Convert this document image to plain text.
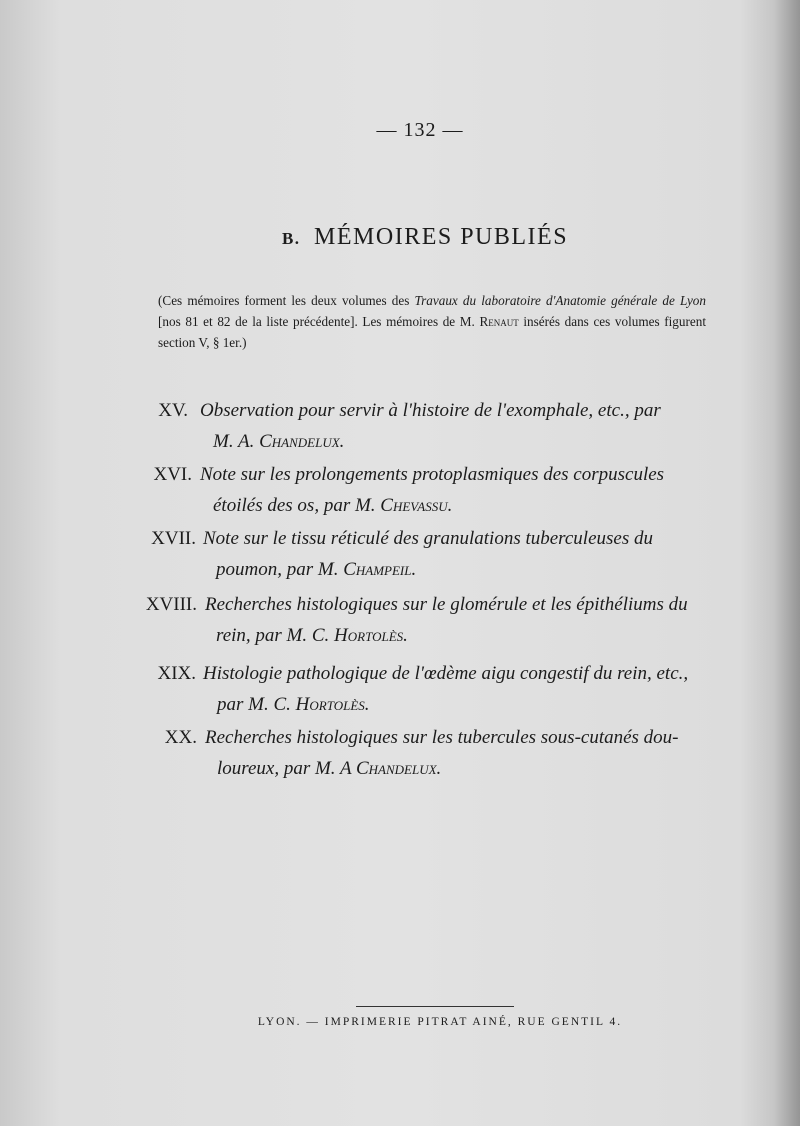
— 132 —
B. MÉMOIRES PUBLIÉS
(Ces mémoires forment les deux volumes des Travaux du laboratoire d'Anatomie générale de Lyon [nos 81 et 82 de la liste précédente]. Les mémoires de M. Renaut insérés dans ces volumes figurent section V, § 1er.)
XV. Observation pour servir à l'histoire de l'exomphale, etc., par
M. A. Chandelux.
XVI. Note sur les prolongements protoplasmiques des corpuscules
étoilés des os, par M. Chevassu.
XVII. Note sur le tissu réticulé des granulations tuberculeuses du
poumon, par M. Champeil.
XVIII. Recherches histologiques sur le glomérule et les épithéliums du
rein, par M. C. Hortolès.
XIX. Histologie pathologique de l'œdème aigu congestif du rein, etc.,
par M. C. Hortolès.
XX. Recherches histologiques sur les tubercules sous-cutanés dou-
loureux, par M. A Chandelux.
LYON. — IMPRIMERIE PITRAT AINÉ, RUE GENTIL 4.
